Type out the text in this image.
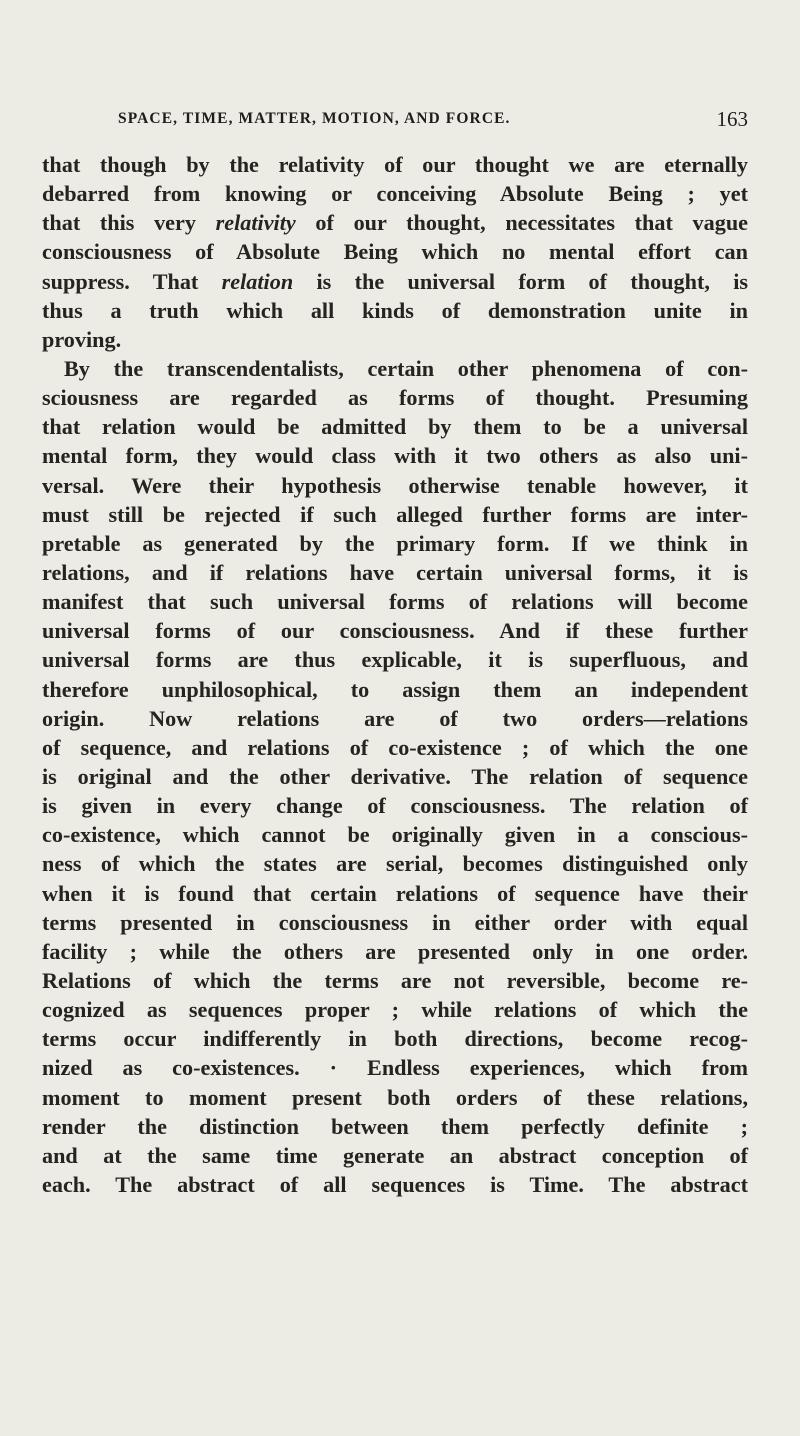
SPACE, TIME, MATTER, MOTION, AND FORCE.	163
that though by the relativity of our thought we are eternally
debarred from knowing or conceiving Absolute Being ; yet
that this very relativity of our thought, necessitates that vague
consciousness of Absolute Being which no mental effort can
suppress. That relation is the universal form of thought, is
thus a truth which all kinds of demonstration unite in
proving.
By the transcendentalists, certain other phenomena of con-
sciousness are regarded as forms of thought. Presuming
that relation would be admitted by them to be a universal
mental form, they would class with it two others as also uni-
versal. Were their hypothesis otherwise tenable however, it
must still be rejected if such alleged further forms are inter-
pretable as generated by the primary form. If we think in
relations, and if relations have certain universal forms, it is
manifest that such universal forms of relations will become
universal forms of our consciousness. And if these further
universal forms are thus explicable, it is superfluous, and
therefore unphilosophical, to assign them an independent
origin. Now relations are of two orders—relations
of sequence, and relations of co-existence ; of which the one
is original and the other derivative. The relation of sequence
is given in every change of consciousness. The relation of
co-existence, which cannot be originally given in a conscious-
ness of which the states are serial, becomes distinguished only
when it is found that certain relations of sequence have their
terms presented in consciousness in either order with equal
facility ; while the others are presented only in one order.
Relations of which the terms are not reversible, become re-
cognized as sequences proper ; while relations of which the
terms occur indifferently in both directions, become recog-
nized as co-existences. · Endless experiences, which from
moment to moment present both orders of these relations,
render the distinction between them perfectly definite ;
and at the same time generate an abstract conception of
each. The abstract of all sequences is Time. The abstract
